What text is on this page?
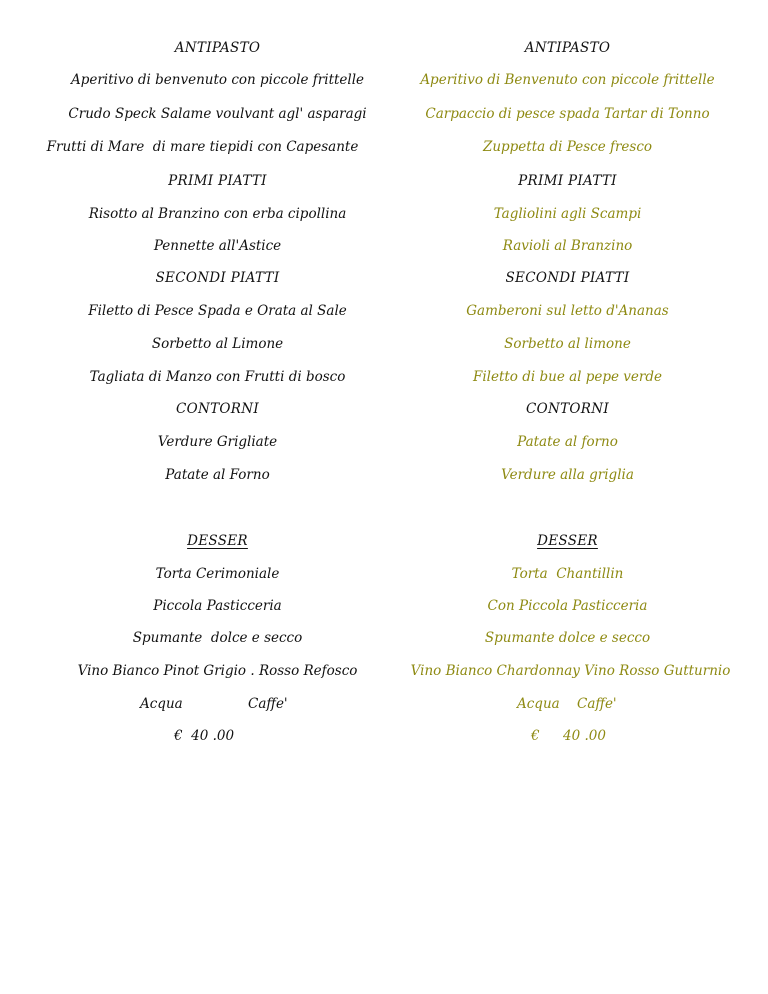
ANTIPASTO	ANTIPASTO
Aperitivo di benvenuto con piccole frittelle	Aperitivo di Benvenuto con piccole frittelle
Crudo Speck Salame voulvant agl' asparagi	Carpaccio di pesce spada Tartar di Tonno
Frutti di Mare  di mare tiepidi con Capesante	Zuppetta di Pesce fresco
PRIMI PIATTI	PRIMI PIATTI
Risotto al Branzino con erba cipollina	Tagliolini agli Scampi
Pennette all'Astice	Ravioli al Branzino
SECONDI PIATTI	SECONDI PIATTI
Filetto di Pesce Spada e Orata al Sale	Gamberoni sul letto d'Ananas
Sorbetto al Limone	Sorbetto al limone
Tagliata di Manzo con Frutti di bosco	Filetto di bue al pepe verde
CONTORNI	CONTORNI
Verdure Grigliate	Patate al forno
Patate al Forno	Verdure alla griglia
DESSER	DESSER
Torta Cerimoniale	Torta  Chantillin
Piccola Pasticceria	Con Piccola Pasticceria
Spumante  dolce e secco	Spumante dolce e secco
Vino Bianco Pinot Grigio . Rosso Refosco	Vino Bianco Chardonnay Vino Rosso Gutturnio
Acqua	Caffe'	Acqua Caffe'
€  40 .00	€ 40 .00
